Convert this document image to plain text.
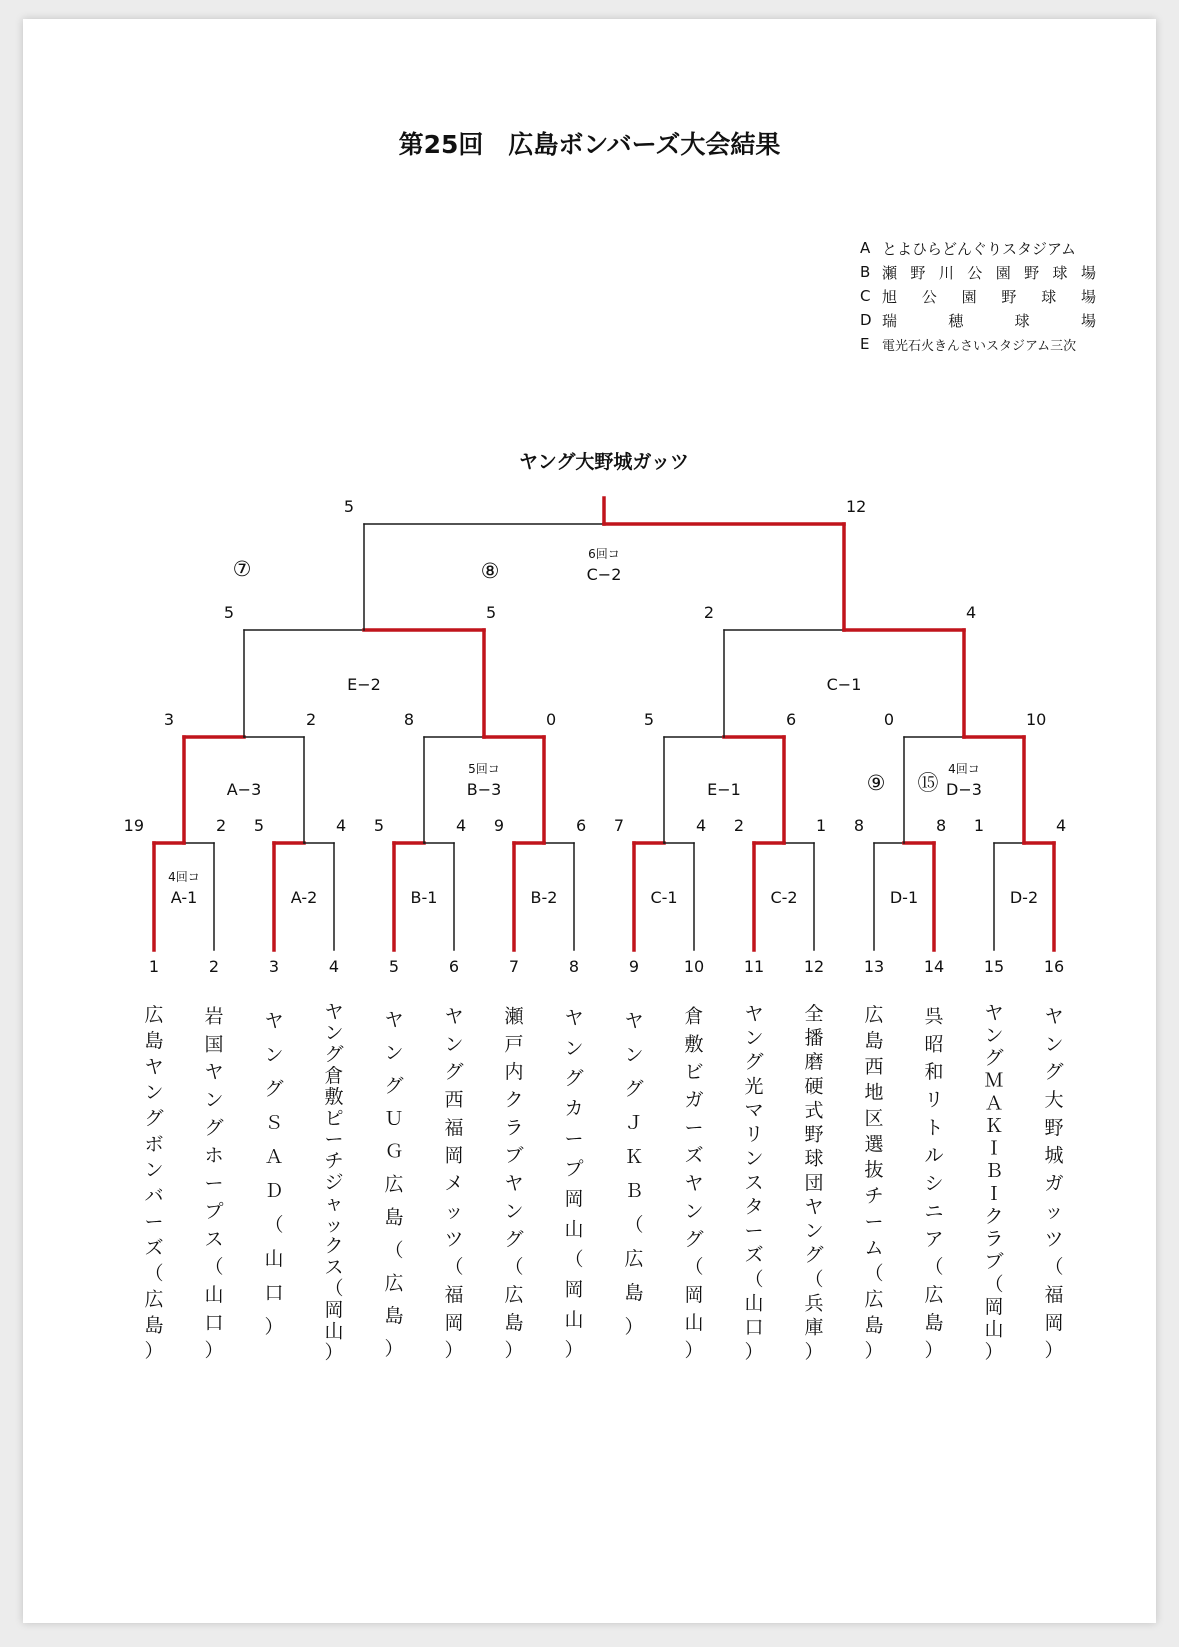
第25回　広島ボンバーズ大会結果
A とよひらどんぐりスタジアム
B 瀬 野 川 公 園 野 球 場
C 旭 公 園 野 球 場
D 瑞	穂	球	場
E 電光石火きんさいスタジアム三次
1
広島ヤングボンバーズ（広島）
2
岩国ヤングホープス（山口）
3
ヤングＳＡＤ（山口）
4
ヤング倉敷ピーチジャックス（岡山）
5
ヤングＵＧ広島（広島）
6
ヤング西福岡メッツ（福岡）
7
瀬戸内クラブヤング（広島）
8
ヤングカープ岡山（岡山）
9
ヤングＪＫＢ（広島）
10
倉敷ビガーズヤング（岡山）
11
ヤング光マリンスターズ（山口）
12
全播磨硬式野球団ヤング（兵庫）
13
広島西地区選抜チーム（広島）
14
呉昭和リトルシニア（広島）
15
ヤングＭＡＫＩＢＩクラブ（岡山）
16
ヤング大野城ガッツ（福岡）
19	2
4回コ
A-1
5	4
A-2
5	4
B-1
9	6
B-2
7	4
C-1
2	1
C-2
8	8
D-1
1	4
D-2
3	2
A−3
8	0
5回コ
B−3
5	6
E−1
0	10
4回コ
D−3
5	5
E−2
2	4
C−1
5	12
6回コ
C−2
ヤング大野城ガッツ
⑦	⑧
⑨ ⑮
